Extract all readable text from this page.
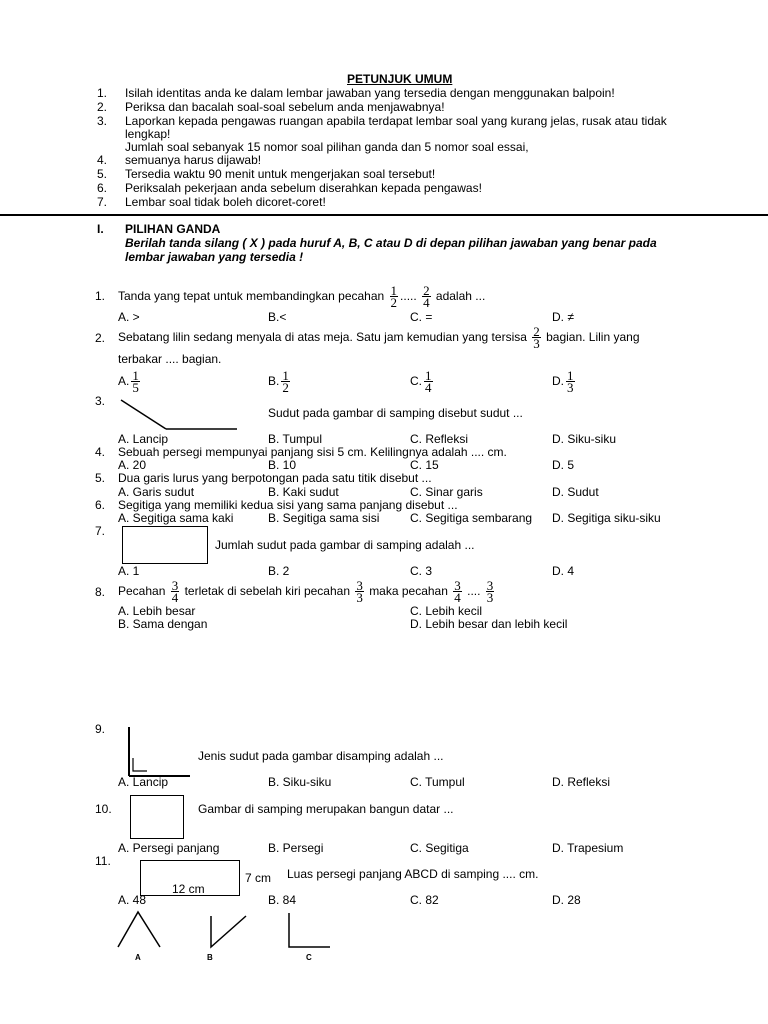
PETUNJUK UMUM
1. Isilah identitas anda ke dalam lembar jawaban yang tersedia dengan menggunakan balpoin!
2. Periksa dan bacalah soal-soal sebelum anda menjawabnya!
3. Laporkan kepada pengawas ruangan apabila terdapat lembar soal yang kurang jelas, rusak atau tidak
lengkap!
Jumlah soal sebanyak 15 nomor soal pilihan ganda dan 5 nomor soal essai,
4. semuanya harus dijawab!
5. Tersedia waktu 90 menit untuk mengerjakan soal tersebut!
6. Periksalah pekerjaan anda sebelum diserahkan kepada pengawas!
7. Lembar soal tidak boleh dicoret-coret!
I. PILIHAN GANDA
Berilah tanda silang ( X ) pada huruf A, B, C atau D di depan pilihan jawaban yang benar pada
lembar jawaban yang tersedia !
1. Tanda yang tepat untuk membandingkan pecahan $\frac{1}{2}$ ..... $\frac{2}{4}$ adalah ...
A. >	B.<	C. =	D. ≠
2. Sebatang lilin sedang menyala di atas meja. Satu jam kemudian yang tersisa $\frac{2}{3}$ bagian. Lilin yang
terbakar .... bagian.
A. $\frac{1}{5}$	B. $\frac{1}{2}$	C. $\frac{1}{4}$	D. $\frac{1}{3}$
3.
Sudut pada gambar di samping disebut sudut ...
A. Lancip	B. Tumpul	C. Refleksi	D. Siku-siku
4. Sebuah persegi mempunyai panjang sisi 5 cm. Kelilingnya adalah .... cm.
A. 20	B. 10	C. 15	D. 5
5. Dua garis lurus yang berpotongan pada satu titik disebut ...
A. Garis sudut	B. Kaki sudut	C. Sinar garis	D. Sudut
6. Segitiga yang memiliki kedua sisi yang sama panjang disebut ...
A. Segitiga sama kaki	B. Segitiga sama sisi	C. Segitiga sembarang D. Segitiga siku-siku
7.
Jumlah sudut pada gambar di samping adalah ...
A. 1	B. 2	C. 3	D. 4
8. Pecahan $\frac{3}{4}$ terletak di sebelah kiri pecahan $\frac{3}{3}$ maka pecahan $\frac{3}{4}$ .... $\frac{3}{3}$
A. Lebih besar	C. Lebih kecil
B. Sama dengan	D. Lebih besar dan lebih kecil
9.
Jenis sudut pada gambar disamping adalah ...
A. Lancip	B. Siku-siku	C. Tumpul	D. Refleksi
10.	Gambar di samping merupakan bangun datar ...
A. Persegi panjang	B. Persegi	C. Segitiga	D. Trapesium
11.
12 cm
7 cm Luas persegi panjang ABCD di samping .... cm.
A. 48	B. 84	C. 82	D. 28
A	B	C
